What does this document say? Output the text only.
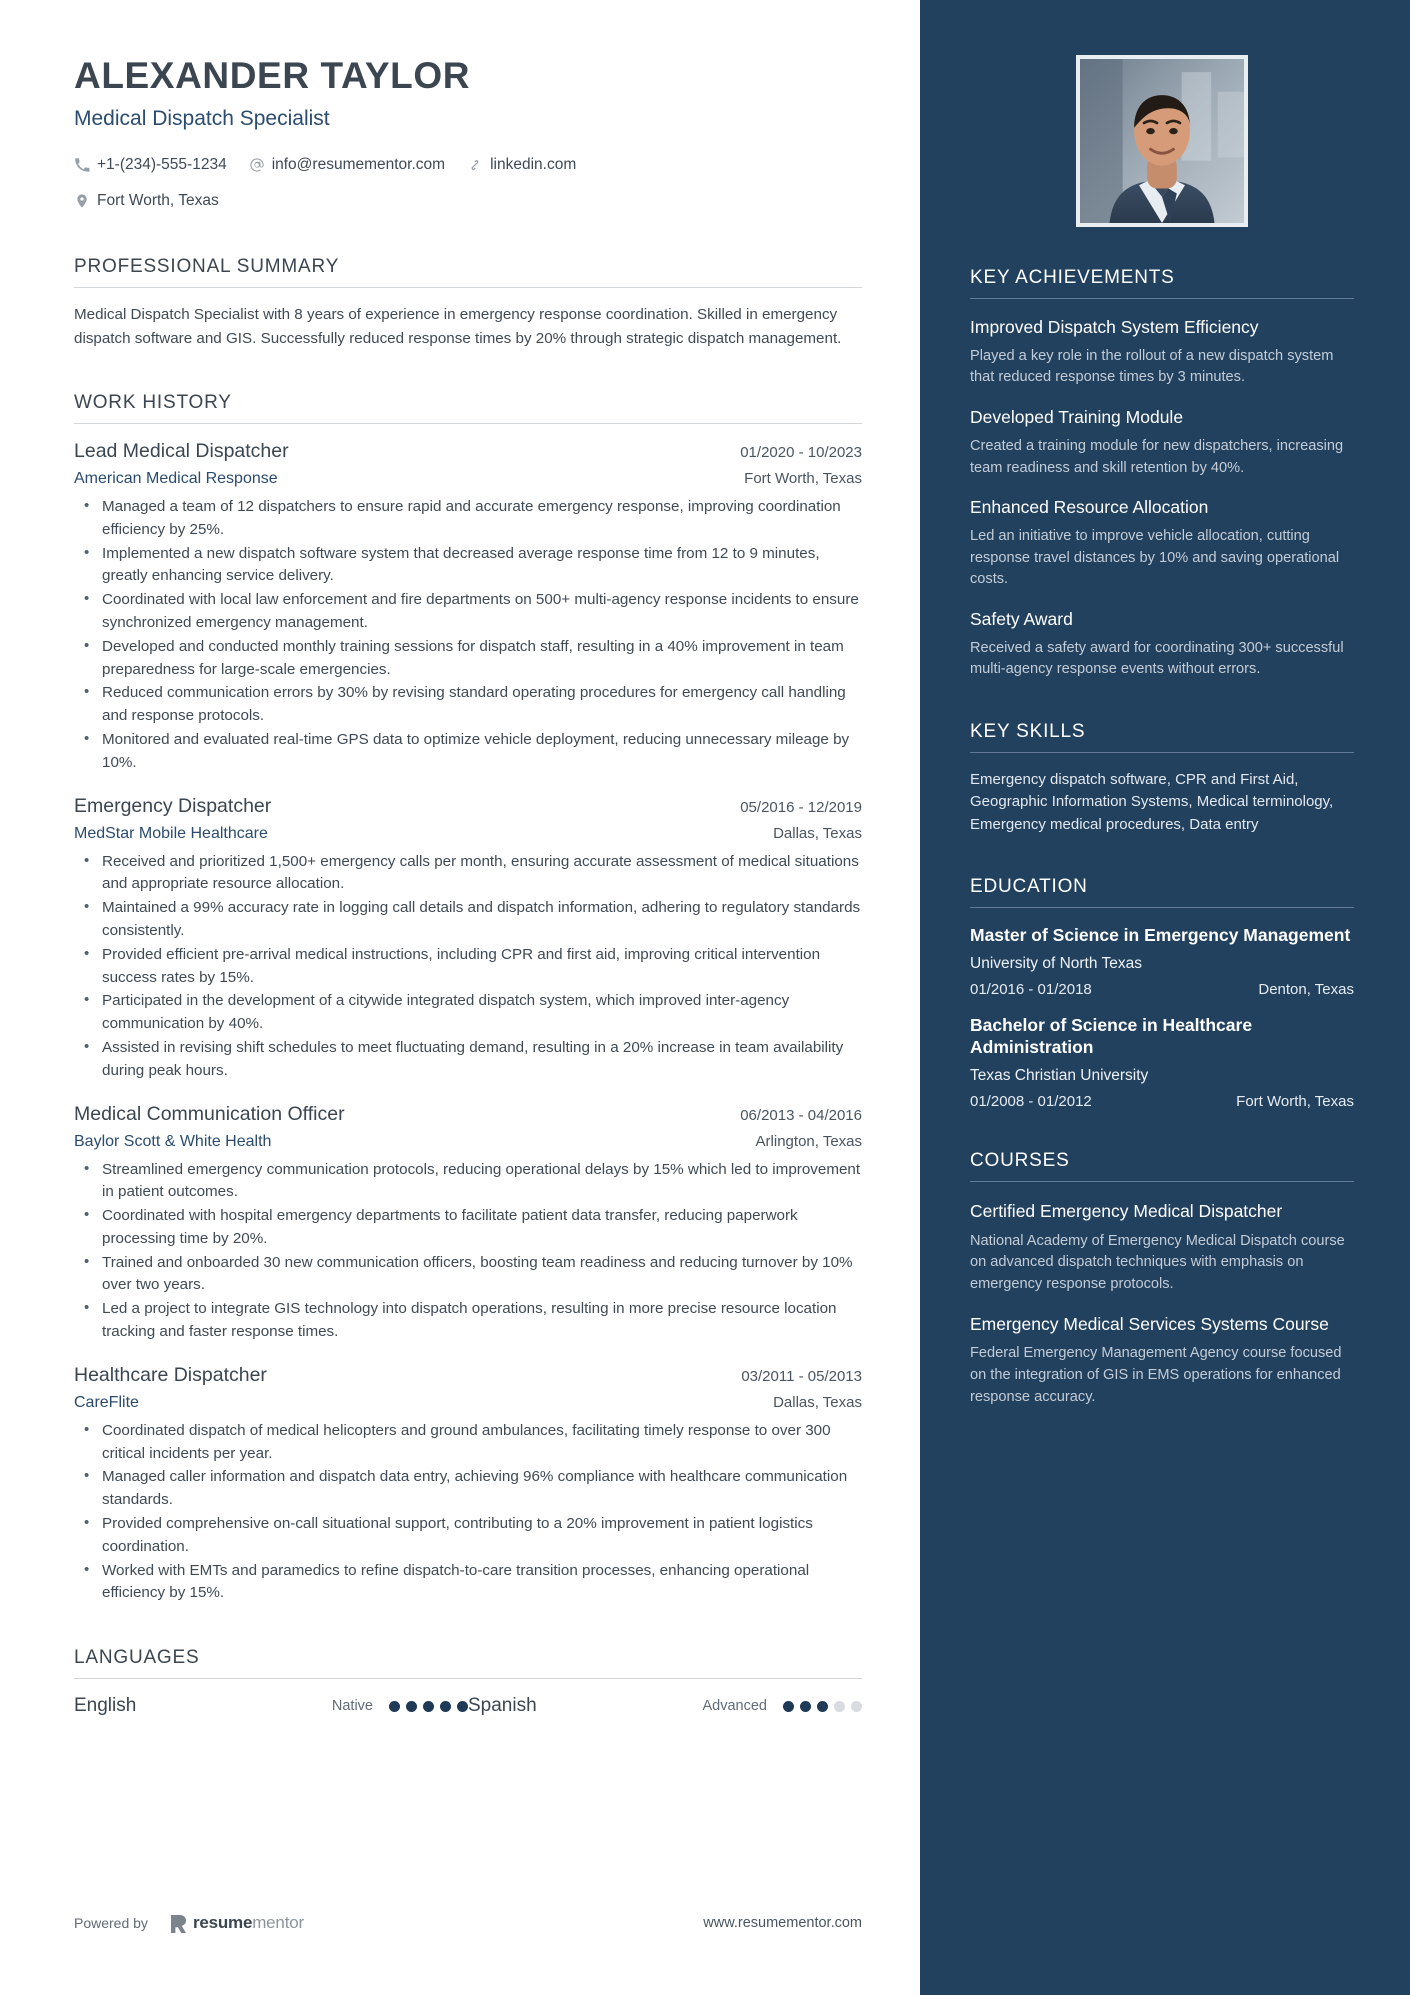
ALEXANDER TAYLOR
Medical Dispatch Specialist
+1-(234)-555-1234	info@resumementor.com	linkedin.com
Fort Worth, Texas
PROFESSIONAL SUMMARY
Medical Dispatch Specialist with 8 years of experience in emergency response coordination. Skilled in emergency dispatch software and GIS. Successfully reduced response times by 20% through strategic dispatch management.
WORK HISTORY
Lead Medical Dispatcher	01/2020 - 10/2023
American Medical Response	Fort Worth, Texas
• Managed a team of 12 dispatchers to ensure rapid and accurate emergency response, improving coordination efficiency by 25%.
• Implemented a new dispatch software system that decreased average response time from 12 to 9 minutes, greatly enhancing service delivery.
• Coordinated with local law enforcement and fire departments on 500+ multi-agency response incidents to ensure synchronized emergency management.
• Developed and conducted monthly training sessions for dispatch staff, resulting in a 40% improvement in team preparedness for large-scale emergencies.
• Reduced communication errors by 30% by revising standard operating procedures for emergency call handling and response protocols.
• Monitored and evaluated real-time GPS data to optimize vehicle deployment, reducing unnecessary mileage by 10%.
Emergency Dispatcher	05/2016 - 12/2019
MedStar Mobile Healthcare	Dallas, Texas
• Received and prioritized 1,500+ emergency calls per month, ensuring accurate assessment of medical situations and appropriate resource allocation.
• Maintained a 99% accuracy rate in logging call details and dispatch information, adhering to regulatory standards consistently.
• Provided efficient pre-arrival medical instructions, including CPR and first aid, improving critical intervention success rates by 15%.
• Participated in the development of a citywide integrated dispatch system, which improved inter-agency communication by 40%.
• Assisted in revising shift schedules to meet fluctuating demand, resulting in a 20% increase in team availability during peak hours.
Medical Communication Officer	06/2013 - 04/2016
Baylor Scott & White Health	Arlington, Texas
• Streamlined emergency communication protocols, reducing operational delays by 15% which led to improvement in patient outcomes.
• Coordinated with hospital emergency departments to facilitate patient data transfer, reducing paperwork processing time by 20%.
• Trained and onboarded 30 new communication officers, boosting team readiness and reducing turnover by 10% over two years.
• Led a project to integrate GIS technology into dispatch operations, resulting in more precise resource location tracking and faster response times.
Healthcare Dispatcher	03/2011 - 05/2013
CareFlite	Dallas, Texas
• Coordinated dispatch of medical helicopters and ground ambulances, facilitating timely response to over 300 critical incidents per year.
• Managed caller information and dispatch data entry, achieving 96% compliance with healthcare communication standards.
• Provided comprehensive on-call situational support, contributing to a 20% improvement in patient logistics coordination.
• Worked with EMTs and paramedics to refine dispatch-to-care transition processes, enhancing operational efficiency by 15%.
LANGUAGES
English	Native	Spanish	Advanced
Powered by	resumementor	www.resumementor.com
KEY ACHIEVEMENTS
Improved Dispatch System Efficiency
Played a key role in the rollout of a new dispatch system that reduced response times by 3 minutes.
Developed Training Module
Created a training module for new dispatchers, increasing team readiness and skill retention by 40%.
Enhanced Resource Allocation
Led an initiative to improve vehicle allocation, cutting response travel distances by 10% and saving operational costs.
Safety Award
Received a safety award for coordinating 300+ successful multi-agency response events without errors.
KEY SKILLS
Emergency dispatch software, CPR and First Aid, Geographic Information Systems, Medical terminology, Emergency medical procedures, Data entry
EDUCATION
Master of Science in Emergency Management
University of North Texas
01/2016 - 01/2018	Denton, Texas
Bachelor of Science in Healthcare Administration
Texas Christian University
01/2008 - 01/2012	Fort Worth, Texas
COURSES
Certified Emergency Medical Dispatcher
National Academy of Emergency Medical Dispatch course on advanced dispatch techniques with emphasis on emergency response protocols.
Emergency Medical Services Systems Course
Federal Emergency Management Agency course focused on the integration of GIS in EMS operations for enhanced response accuracy.
